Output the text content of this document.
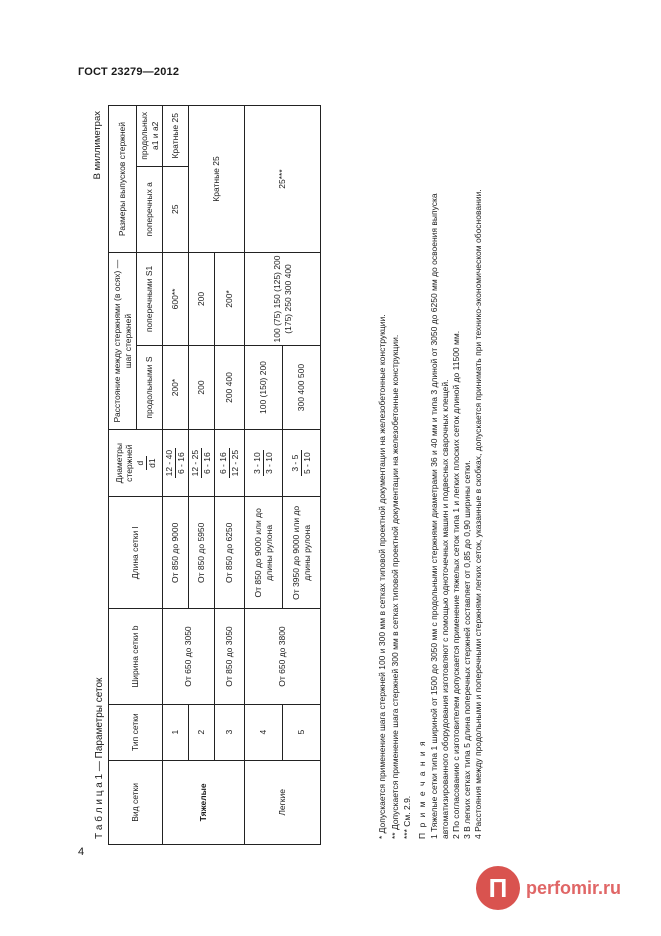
ГОСТ 23279—2012
4
Т а б л и ц а 1 — Параметры сеток
В миллиметрах
Вид сетки	Тип сетки	Ширина сетки b	Длина сетки l	Диаметры стержней d d1	Расстояние между стержнями (в осях) — шаг стержней		Размеры выпусков стержней	
					продольными S	поперечными S1	поперечных a	продольных a1 и a2
Тяжелые	1	От 650 до 3050	От 850 до 9000	12 - 40 6 - 16	200*	600**	25	Кратные 25
	2		От 850 до 5950	12 - 25 6 - 16	200	200	Кратные 25	
	3	От 850 до 3050	От 850 до 6250	6 - 16 12 - 25	200 400	200*		
Легкие	4	От 650 до 3800	От 850 до 9000 или до длины рулона	3 - 10 3 - 10	100 (150) 200	100 (75) 150 (125) 200 (175) 250 300 400	25***	
	5		От 3950 до 9000 или до длины рулона	3 - 5 5 - 10	300 400 500				* Допускается применение шага стержней 100 и 300 мм в сетках типовой проектной документации на железобетонные конструкции. ** Допускается применение шага стержней 300 мм в сетках типовой проектной документации на железобетонные конструкции. *** См. 2.9. П р и м е ч а н и я 1 Тяжелые сетки типа 1 шириной от 1500 до 3050 мм с продольными стержнями диаметрами 36 и 40 мм и типа 3 длиной от 3050 до 6250 мм до освоения выпуска автоматизированного оборудования изготовляют с помощью одноточечных машин и подвесных сварочных клещей. 2 По согласованию с изготовителем допускается применение тяжелых сеток типа 1 и легких плоских сеток длиной до 11500 мм. 3 В легких сетках типа 5 длина поперечных стержней составляет от 0,85 до 0,90 ширины сетки. 4 Расстояния между продольными и поперечными стержнями легких сеток, указанные в скобках, допускается принимать при технико-экономическом обосновании.
П	perfomir.ru
